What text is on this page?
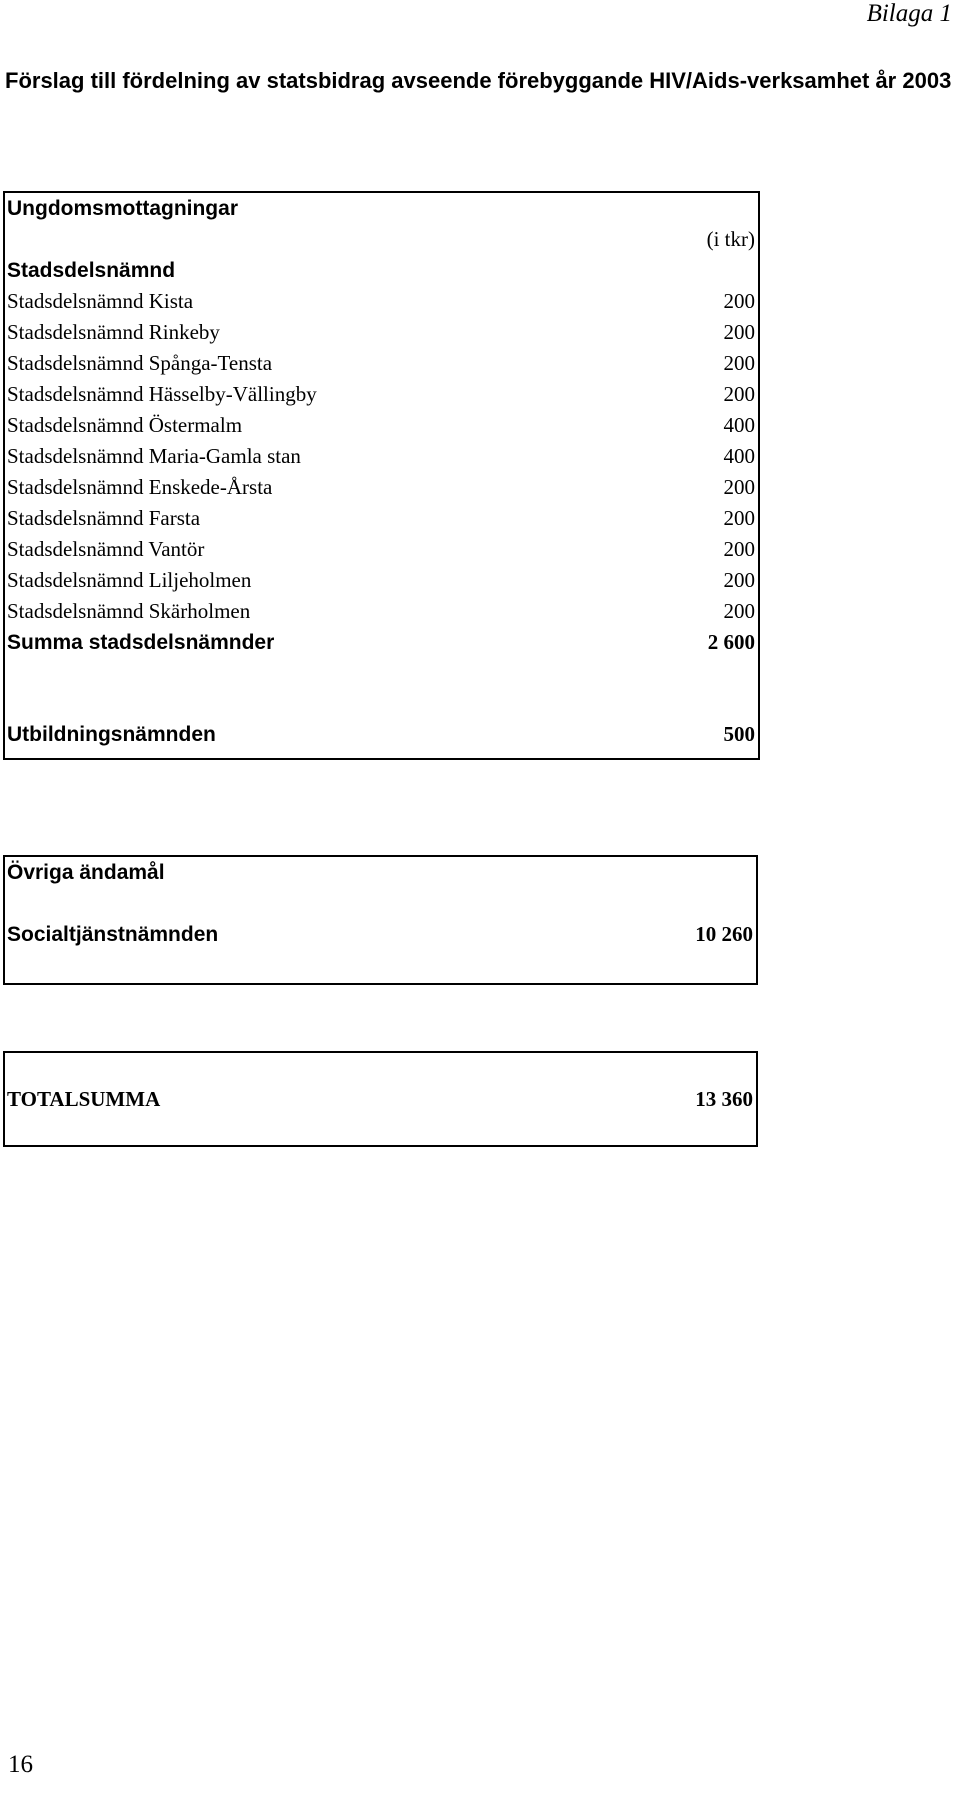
Bilaga 1
Förslag till fördelning av statsbidrag avseende förebyggande HIV/Aids-verksamhet år 2003
Ungdomsmottagningar
(i tkr)
Stadsdelsnämnd
Stadsdelsnämnd Kista	200
Stadsdelsnämnd Rinkeby	200
Stadsdelsnämnd Spånga-Tensta	200
Stadsdelsnämnd Hässelby-Vällingby	200
Stadsdelsnämnd Östermalm	400
Stadsdelsnämnd Maria-Gamla stan	400
Stadsdelsnämnd Enskede-Årsta	200
Stadsdelsnämnd Farsta	200
Stadsdelsnämnd Vantör	200
Stadsdelsnämnd Liljeholmen	200
Stadsdelsnämnd Skärholmen	200
Summa stadsdelsnämnder	2 600
Utbildningsnämnden	500
Övriga ändamål
Socialtjänstnämnden	10 260
TOTALSUMMA	13 360
16
